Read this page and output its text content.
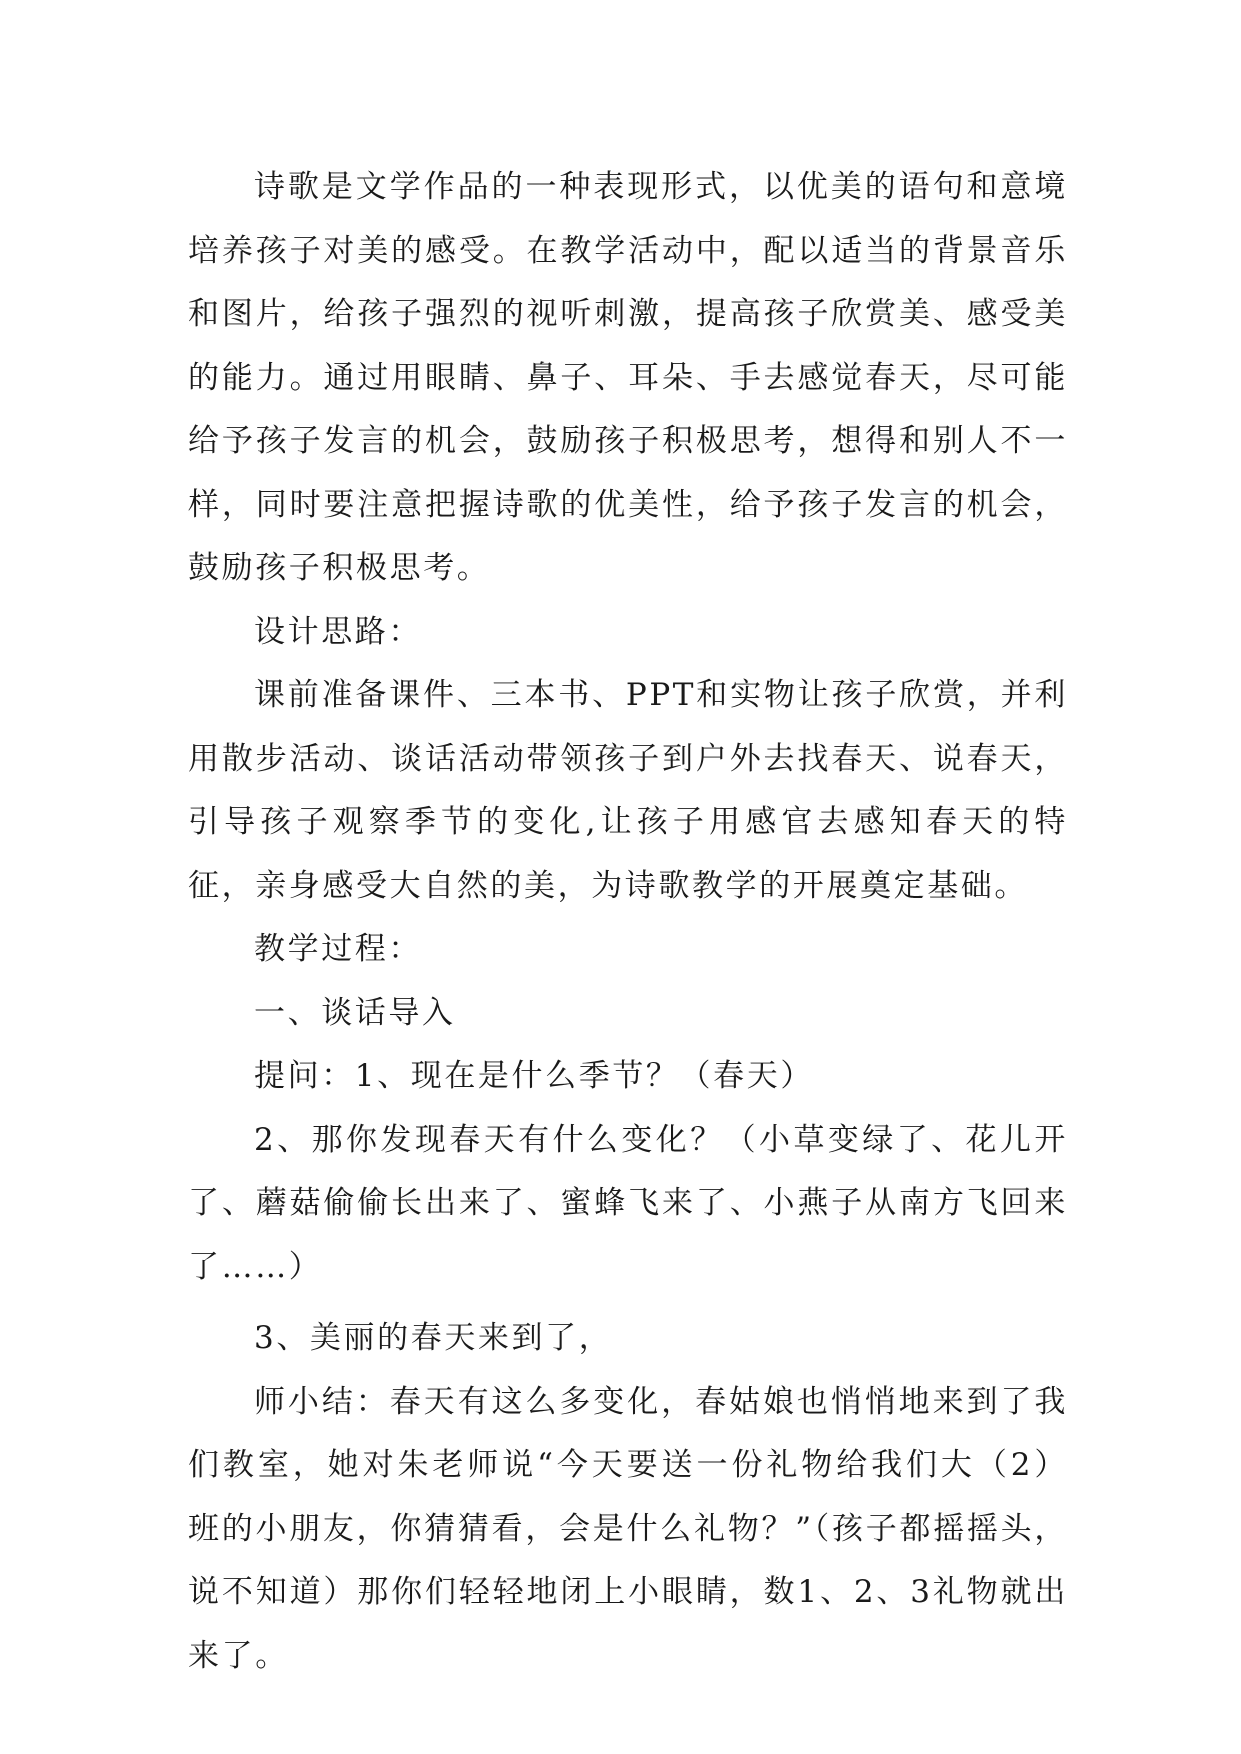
诗歌是文学作品的一种表现形式，以优美的语句和意境培养孩子对美的感受。在教学活动中，配以适当的背景音乐和图片，给孩子强烈的视听刺激，提高孩子欣赏美、感受美的能力。通过用眼睛、鼻子、耳朵、手去感觉春天，尽可能给予孩子发言的机会，鼓励孩子积极思考，想得和别人不一样，同时要注意把握诗歌的优美性，给予孩子发言的机会，鼓励孩子积极思考。

设计思路：

课前准备课件、三本书、PPT和实物让孩子欣赏，并利用散步活动、谈话活动带领孩子到户外去找春天、说春天，引导孩子观察季节的变化,让孩子用感官去感知春天的特征，亲身感受大自然的美，为诗歌教学的开展奠定基础。

教学过程：

一、谈话导入

提问：1、现在是什么季节？（春天）

2、那你发现春天有什么变化？（小草变绿了、花儿开了、蘑菇偷偷长出来了、蜜蜂飞来了、小燕子从南方飞回来了……）

3、美丽的春天来到了，

师小结：春天有这么多变化，春姑娘也悄悄地来到了我们教室，她对朱老师说“今天要送一份礼物给我们大（2）班的小朋友，你猜猜看，会是什么礼物？”（孩子都摇摇头，说不知道）那你们轻轻地闭上小眼睛，数1、2、3礼物就出来了。
